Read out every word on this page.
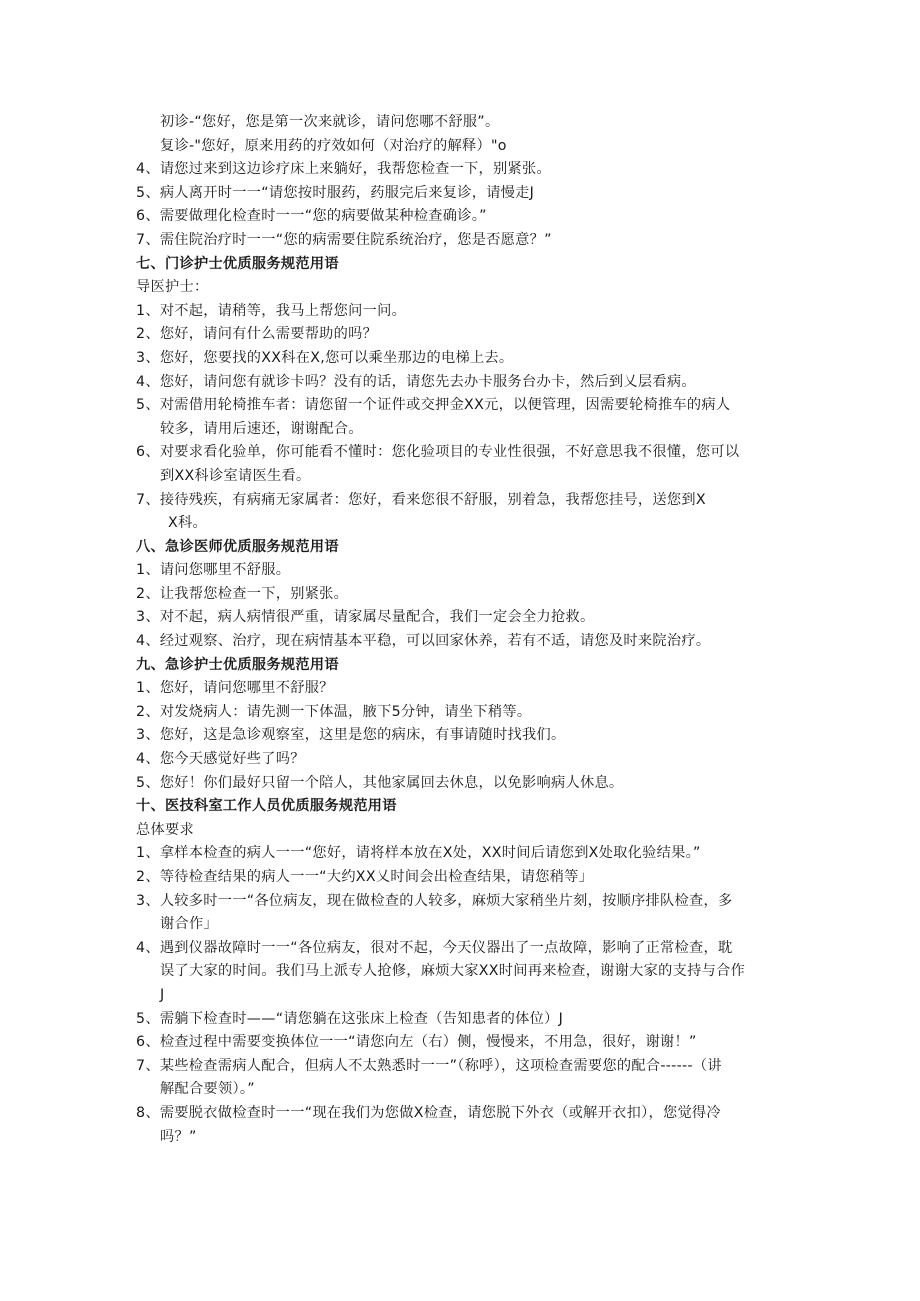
初诊-“您好，您是第一次来就诊，请问您哪不舒服”。
复诊-"您好，原来用药的疗效如何（对治疗的解释）"o
4、请您过来到这边诊疗床上来躺好，我帮您检查一下，别紧张。
5、病人离开时一一“请您按时服药，药服完后来复诊，请慢走J
6、需要做理化检查时一一“您的病要做某种检查确诊。”
7、需住院治疗时一一“您的病需要住院系统治疗，您是否愿意？”
七、门诊护士优质服务规范用语
导医护士：
1、对不起，请稍等，我马上帮您问一问。
2、您好，请问有什么需要帮助的吗？
3、您好，您要找的XX科在X,您可以乘坐那边的电梯上去。
4、您好，请问您有就诊卡吗？没有的话，请您先去办卡服务台办卡，然后到乂层看病。
5、对需借用轮椅推车者：请您留一个证件或交押金XX元，以便管理，因需要轮椅推车的病人
较多，请用后速还，谢谢配合。
6、对要求看化验单，你可能看不懂时：您化验项目的专业性很强，不好意思我不很懂，您可以
到XX科诊室请医生看。
7、接待残疾，有病痛无家属者：您好，看来您很不舒服，别着急，我帮您挂号，送您到X
X科。
八、急诊医师优质服务规范用语
1、请问您哪里不舒服。
2、让我帮您检查一下，别紧张。
3、对不起，病人病情很严重，请家属尽量配合，我们一定会全力抢救。
4、经过观察、治疗，现在病情基本平稳，可以回家休养，若有不适，请您及时来院治疗。
九、急诊护士优质服务规范用语
1、您好，请问您哪里不舒服？
2、对发烧病人：请先测一下体温，腋下5分钟，请坐下稍等。
3、您好，这是急诊观察室，这里是您的病床，有事请随时找我们。
4、您今天感觉好些了吗？
5、您好！你们最好只留一个陪人，其他家属回去休息，以免影响病人休息。
十、医技科室工作人员优质服务规范用语
总体要求
1、拿样本检查的病人一一“您好，请将样本放在X处，XX时间后请您到X处取化验结果。”
2、等待检查结果的病人一一“大约XX乂时间会出检查结果，请您稍等」
3、人较多时一一“各位病友，现在做检查的人较多，麻烦大家稍坐片刻，按顺序排队检查，多
谢合作」
4、遇到仪器故障时一一“各位病友，很对不起，今天仪器出了一点故障，影响了正常检查，耽
误了大家的时间。我们马上派专人抢修，麻烦大家XX时间再来检查，谢谢大家的支持与合作
J
5、需躺下检查时——“请您躺在这张床上检查（告知患者的体位）J
6、检查过程中需要变换体位一一“请您向左（右）侧，慢慢来，不用急，很好，谢谢！”
7、某些检查需病人配合，但病人不太熟悉时一一”（称呼），这项检查需要您的配合------（讲
解配合要领）。”
8、需要脱衣做检查时一一“现在我们为您做X检查，请您脱下外衣（或解开衣扣），您觉得冷
吗？”
